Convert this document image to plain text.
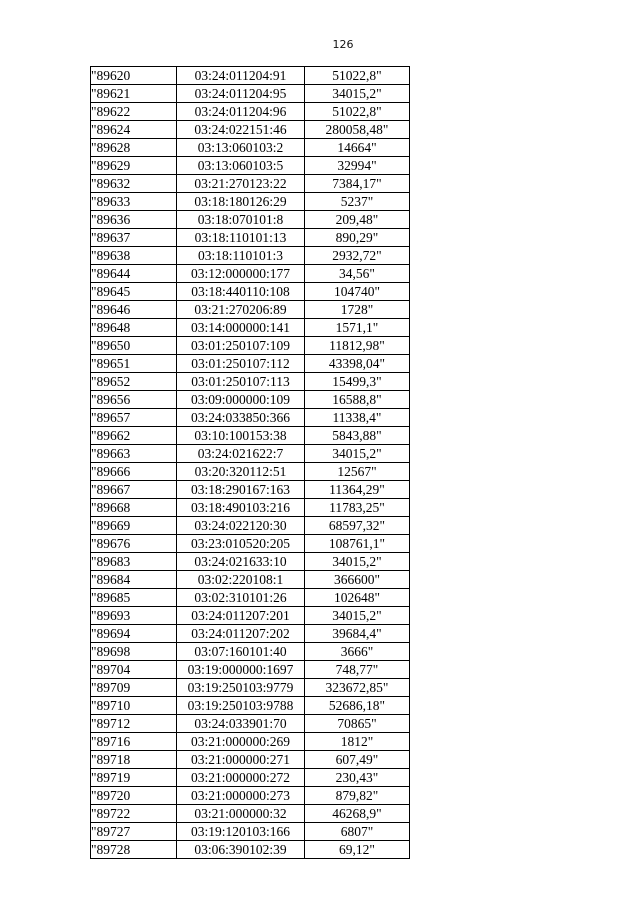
126
"89620	03:24:011204:91	51022,8"
"89621	03:24:011204:95	34015,2"
"89622	03:24:011204:96	51022,8"
"89624	03:24:022151:46	280058,48"
"89628	03:13:060103:2	14664"
"89629	03:13:060103:5	32994"
"89632	03:21:270123:22	7384,17"
"89633	03:18:180126:29	5237"
"89636	03:18:070101:8	209,48"
"89637	03:18:110101:13	890,29"
"89638	03:18:110101:3	2932,72"
"89644	03:12:000000:177	34,56"
"89645	03:18:440110:108	104740"
"89646	03:21:270206:89	1728"
"89648	03:14:000000:141	1571,1"
"89650	03:01:250107:109	11812,98"
"89651	03:01:250107:112	43398,04"
"89652	03:01:250107:113	15499,3"
"89656	03:09:000000:109	16588,8"
"89657	03:24:033850:366	11338,4"
"89662	03:10:100153:38	5843,88"
"89663	03:24:021622:7	34015,2"
"89666	03:20:320112:51	12567"
"89667	03:18:290167:163	11364,29"
"89668	03:18:490103:216	11783,25"
"89669	03:24:022120:30	68597,32"
"89676	03:23:010520:205	108761,1"
"89683	03:24:021633:10	34015,2"
"89684	03:02:220108:1	366600"
"89685	03:02:310101:26	102648"
"89693	03:24:011207:201	34015,2"
"89694	03:24:011207:202	39684,4"
"89698	03:07:160101:40	3666"
"89704	03:19:000000:1697	748,77"
"89709	03:19:250103:9779	323672,85"
"89710	03:19:250103:9788	52686,18"
"89712	03:24:033901:70	70865"
"89716	03:21:000000:269	1812"
"89718	03:21:000000:271	607,49"
"89719	03:21:000000:272	230,43"
"89720	03:21:000000:273	879,82"
"89722	03:21:000000:32	46268,9"
"89727	03:19:120103:166	6807"
"89728	03:06:390102:39	69,12"
